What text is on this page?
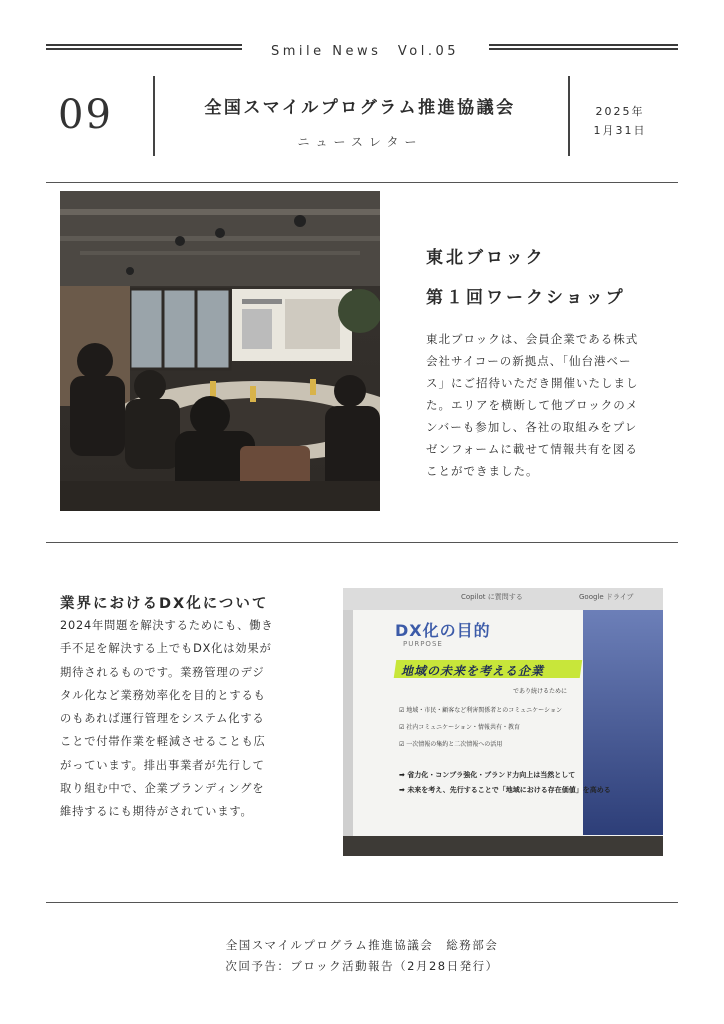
Smile News　Vol.05
09	全国スマイルプログラム推進協議会
ニュースレター
2025年
1月31日
東北ブロック
第１回ワークショップ
東北ブロックは、会員企業である株式
会社サイコーの新拠点、「仙台港ベー
ス」にご招待いただき開催いたしまし
た。エリアを横断して他ブロックのメ
ンバーも参加し、各社の取組みをプレ
ゼンフォームに載せて情報共有を図る
ことができました。
業界におけるDX化について
2024年問題を解決するためにも、働き
手不足を解決する上でもDX化は効果が
期待されるものです。業務管理のデジ
タル化など業務効率化を目的とするも
のもあれば運行管理をシステム化する
ことで付帯作業を軽減させることも広
がっています。排出事業者が先行して
取り組む中で、企業ブランディングを
維持するにも期待がされています。
Copilot に質問する	Google ドライブ
DX化の目的
PURPOSE
地域の未来を考える企業
であり続けるために
☑ 地域・市民・顧客など利害関係者とのコミュニケーション
☑ 社内コミュニケーション・情報共有・教育
☑ 一次情報の集約と二次情報への活用
➡ 省力化・コンプラ強化・ブランド力向上は当然として
➡ 未来を考え、先行することで「地域における存在価値」を高める
全国スマイルプログラム推進協議会　総務部会
次回予告：ブロック活動報告（2月28日発行）
